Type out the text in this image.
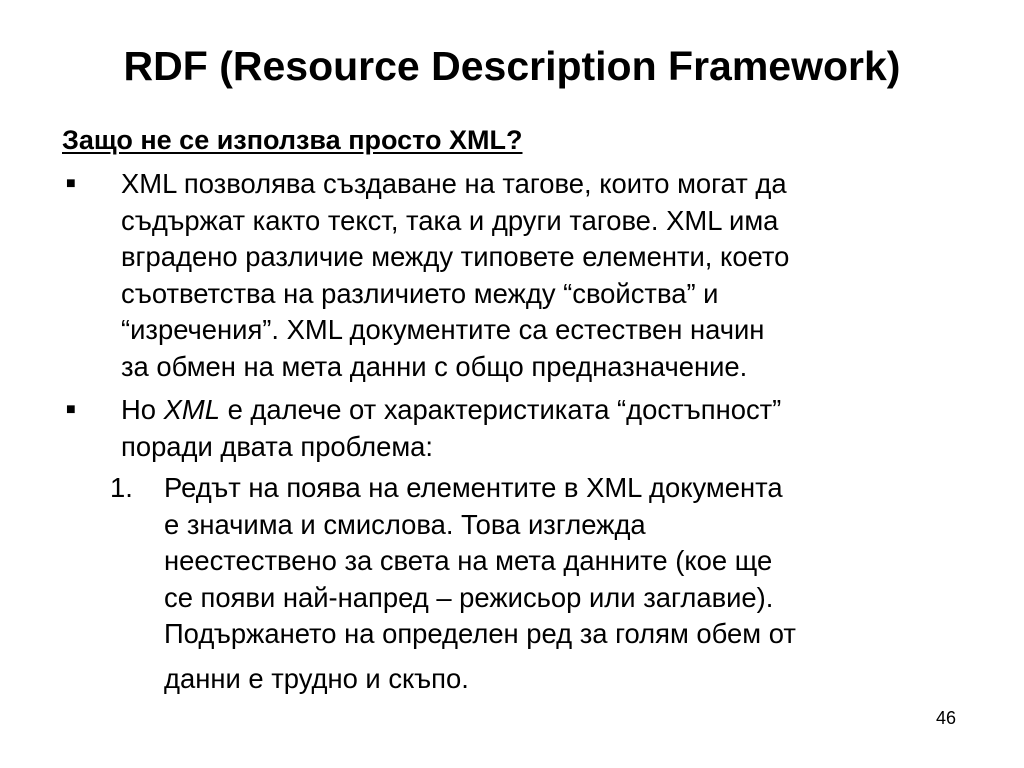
RDF (Resource Description Framework)
Защо не се използва просто XML?
■ XML позволява създаване на тагове, които могат да
съдържат както текст, така и други тагове. XML има
вградено различие между типовете елементи, което
съответства на различието между “свойства” и
“изречения”. XML документите са естествен начин
за обмен на мета данни с общо предназначение.
■ Но XML е далече от характеристиката “достъпност”
поради двата проблема:
1. Редът на поява на елементите в XML документа
е значима и смислова. Това изглежда
неестествено за света на мета данните (кое ще
се появи най-напред – режисьор или заглавие).
Подържането на определен ред за голям обем от
данни е трудно и скъпо.
46
